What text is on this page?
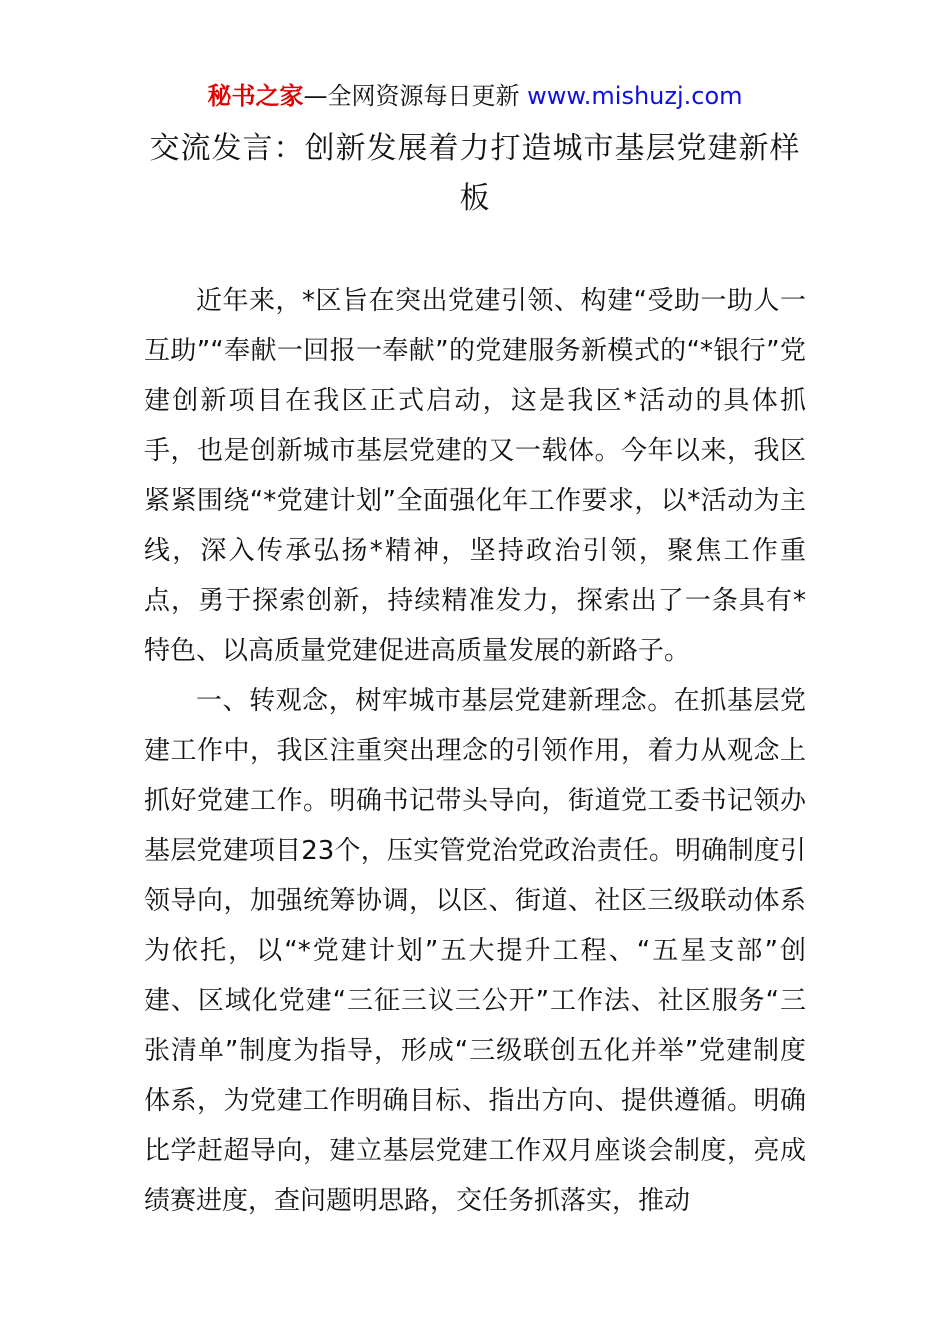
秘书之家—全网资源每日更新 www.mishuzj.com
交流发言：创新发展着力打造城市基层党建新样板

近年来，*区旨在突出党建引领、构建“受助一助人一互助”“奉献一回报一奉献”的党建服务新模式的“*银行”党建创新项目在我区正式启动，这是我区*活动的具体抓手，也是创新城市基层党建的又一载体。今年以来，我区紧紧围绕“*党建计划”全面强化年工作要求，以*活动为主线，深入传承弘扬*精神，坚持政治引领，聚焦工作重点，勇于探索创新，持续精准发力，探索出了一条具有*特色、以高质量党建促进高质量发展的新路子。

一、转观念，树牢城市基层党建新理念。在抓基层党建工作中，我区注重突出理念的引领作用，着力从观念上抓好党建工作。明确书记带头导向，街道党工委书记领办基层党建项目23个，压实管党治党政治责任。明确制度引领导向，加强统筹协调，以区、街道、社区三级联动体系为依托，以“*党建计划”五大提升工程、“五星支部”创建、区域化党建“三征三议三公开”工作法、社区服务“三张清单”制度为指导，形成“三级联创五化并举”党建制度体系，为党建工作明确目标、指出方向、提供遵循。明确比学赶超导向，建立基层党建工作双月座谈会制度，亮成绩赛进度，查问题明思路，交任务抓落实，推动
